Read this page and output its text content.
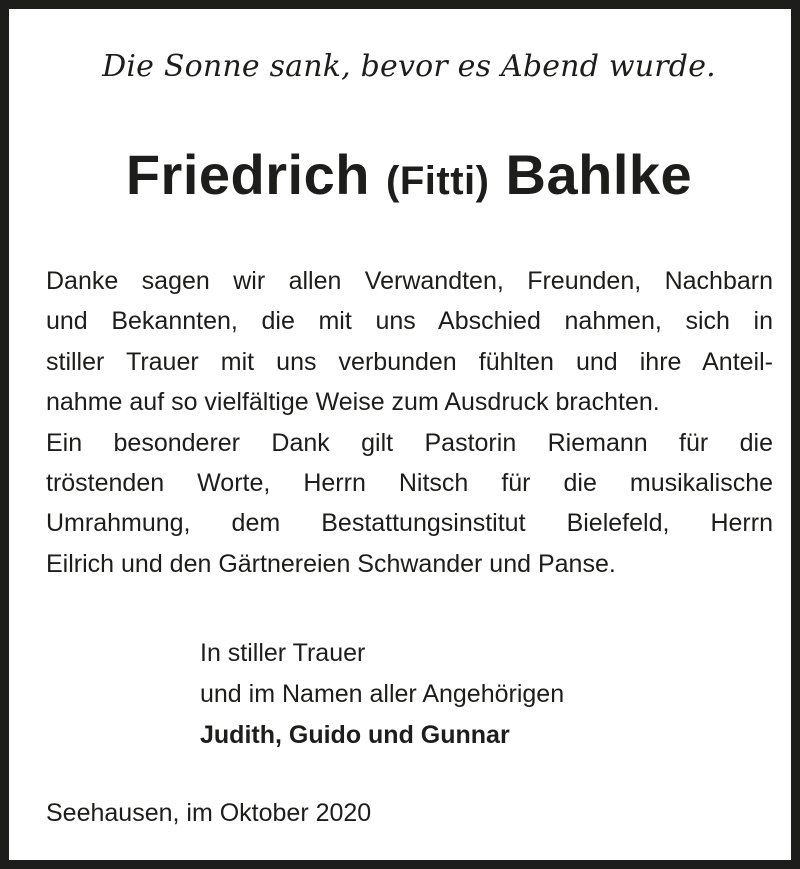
Die Sonne sank, bevor es Abend wurde.
Friedrich (Fitti) Bahlke
Danke sagen wir allen Verwandten, Freunden, Nachbarn
und Bekannten, die mit uns Abschied nahmen, sich in
stiller Trauer mit uns verbunden fühlten und ihre Anteil-
nahme auf so vielfältige Weise zum Ausdruck brachten.
Ein besonderer Dank gilt Pastorin Riemann für die
tröstenden Worte, Herrn Nitsch für die musikalische
Umrahmung, dem Bestattungsinstitut Bielefeld, Herrn
Eilrich und den Gärtnereien Schwander und Panse.
In stiller Trauer
und im Namen aller Angehörigen
Judith, Guido und Gunnar
Seehausen, im Oktober 2020
